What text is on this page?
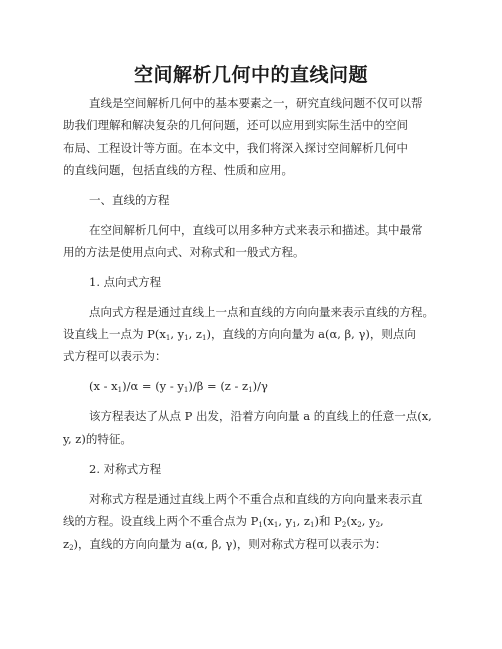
空间解析几何中的直线问题
直线是空间解析几何中的基本要素之一，研究直线问题不仅可以帮
助我们理解和解决复杂的几何问题，还可以应用到实际生活中的空间
布局、工程设计等方面。在本文中，我们将深入探讨空间解析几何中
的直线问题，包括直线的方程、性质和应用。
一、直线的方程
在空间解析几何中，直线可以用多种方式来表示和描述。其中最常
用的方法是使用点向式、对称式和一般式方程。
1. 点向式方程
点向式方程是通过直线上一点和直线的方向向量来表示直线的方程。
设直线上一点为 $P(x_1$, $y_1$, $z_1$)，直线的方向向量为 a(α, β, γ)，则点向
式方程可以表示为：
$(x - x_1)/\alpha = (y - y_1)/\beta = (z - z_1)/\gamma$
该方程表达了从点 P 出发，沿着方向向量 a 的直线上的任意一点(x,
y, z)的特征。
2. 对称式方程
对称式方程是通过直线上两个不重合点和直线的方向向量来表示直
线的方程。设直线上两个不重合点为 $P_1(x_1$, $y_1$, $z_1$)和 $P_2(x_2$, $y_2$,
$z_2$)，直线的方向向量为 a(α, β, γ)，则对称式方程可以表示为：
